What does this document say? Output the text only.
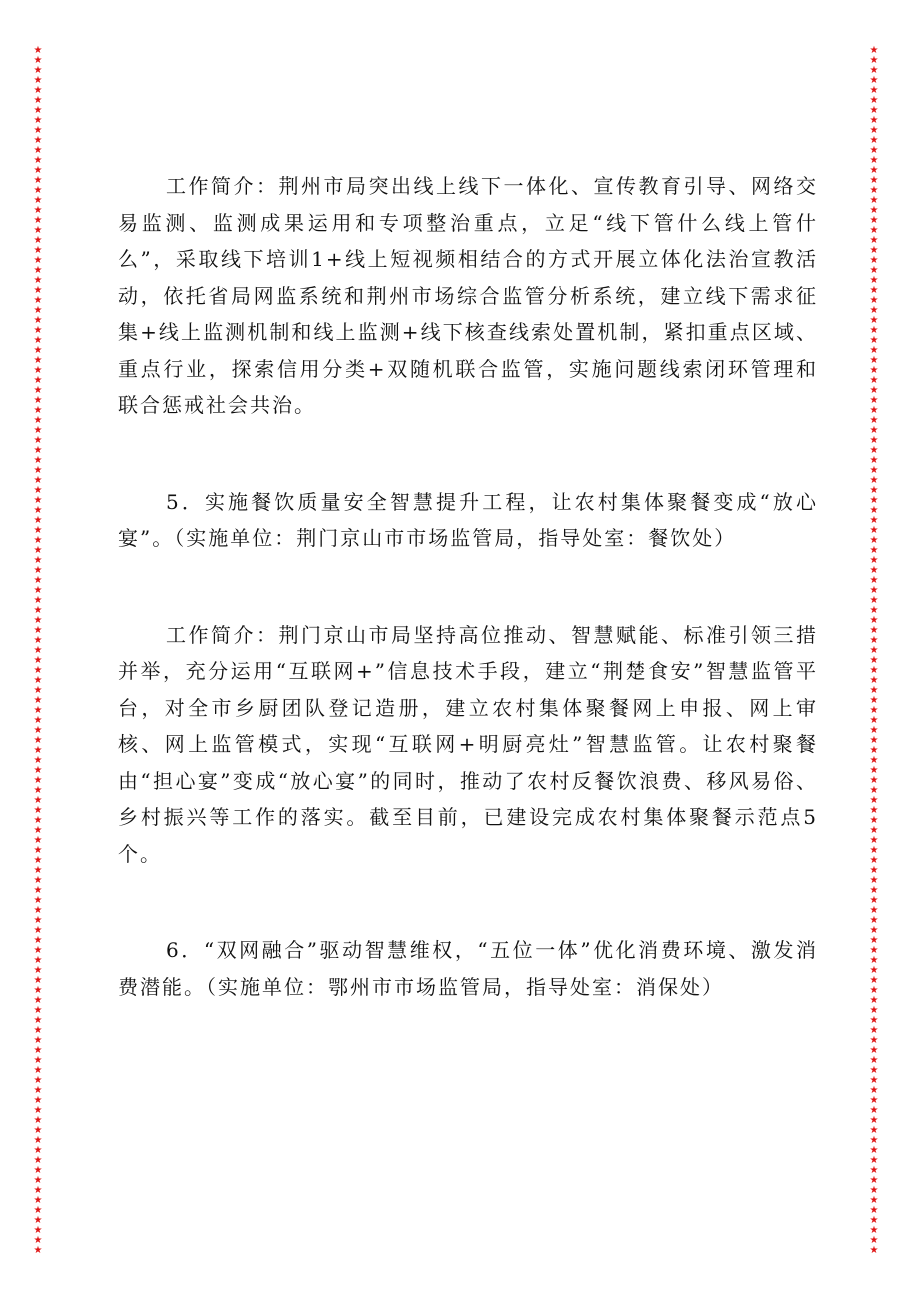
★
★
★
★
★
★
★
★
★
★
★
★
★
★
★
★
★
★
★
★
★
★
★
★
★
★
★
★
★
★
★
★
★
★
★
★
★
★
★
★
★
★
★
★
★
★
★
★
★
★
★
★
★
★
★
★
★
★
★
★
★
★
★
★
★
★
★
★
★
★
★
★
★
★
★
★
★
★
★
★
★
★
★
★
★
★
★
★
★
★
★
★
★
★
★
★
★
★
★
★
★
★
★
★
★
★
★
★
★
★
★
★
★
★
★
★
★
★
★
★
★
★
★
★
★
★
★
★
★
★
★
★
★
★
★
★
★
★
★
★
★
★
★
★
★
★
★
★
★
★
★
★
★
★
★
★
★
★
★
★
★
★
★
★
★
★
★
★
★
★
★
★
★
★
★
★
★
★
★
★
★
★
★
★
★
★
★
★
★
★
★
★
★
★
★
★
★
★
★
★
★
★
★
★
★
★
★
★
★
★
★
★
★
★
★
★
★
★
★
★
★
★
★
★
★
★
★
★
★
★
★
★
★
★
★
★
★
★
★
★
★
★

工作简介：荆州市局突出线上线下一体化、宣传教育引导、网络交易监测、监测成果运用和专项整治重点，立足“线下管什么线上管什么”，采取线下培训1+线上短视频相结合的方式开展立体化法治宣教活动，依托省局网监系统和荆州市场综合监管分析系统，建立线下需求征集+线上监测机制和线上监测+线下核查线索处置机制，紧扣重点区域、重点行业，探索信用分类+双随机联合监管，实施问题线索闭环管理和联合惩戒社会共治。

5．实施餐饮质量安全智慧提升工程，让农村集体聚餐变成“放心宴”。（实施单位：荆门京山市市场监管局，指导处室：餐饮处）

工作简介：荆门京山市局坚持高位推动、智慧赋能、标准引领三措并举，充分运用“互联网+”信息技术手段，建立“荆楚食安”智慧监管平台，对全市乡厨团队登记造册，建立农村集体聚餐网上申报、网上审核、网上监管模式，实现“互联网+明厨亮灶”智慧监管。让农村聚餐由“担心宴”变成“放心宴”的同时，推动了农村反餐饮浪费、移风易俗、乡村振兴等工作的落实。截至目前，已建设完成农村集体聚餐示范点5个。

6．“双网融合”驱动智慧维权，“五位一体”优化消费环境、激发消费潜能。（实施单位：鄂州市市场监管局，指导处室：消保处）
